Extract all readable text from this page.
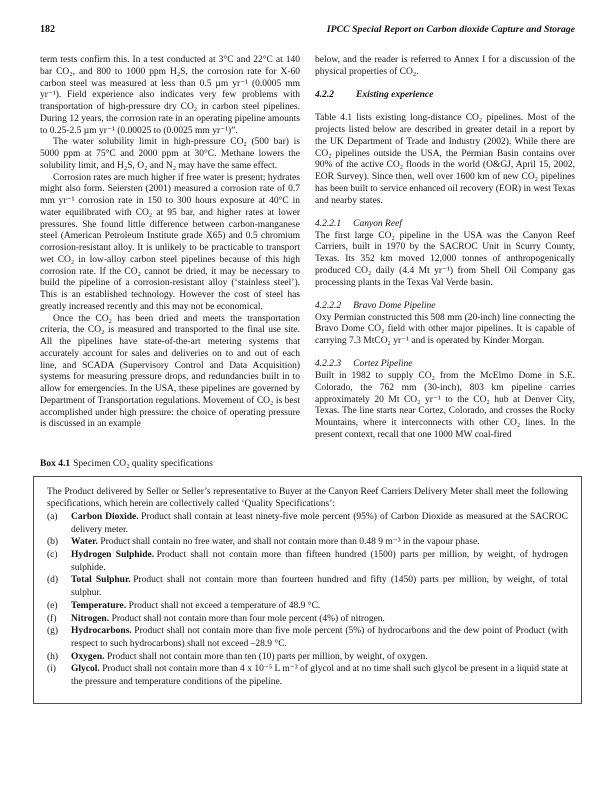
182	IPCC Special Report on Carbon dioxide Capture and Storage

term tests confirm this. In a test conducted at 3°C and 22°C at 140 bar CO₂, and 800 to 1000 ppm H₂S, the corrosion rate for X-60 carbon steel was measured at less than 0.5 µm yr⁻¹ (0.0005 mm yr⁻¹). Field experience also indicates very few problems with transportation of high-pressure dry CO₂ in carbon steel pipelines. During 12 years, the corrosion rate in an operating pipeline amounts to 0.25-2.5 µm yr⁻¹ (0.00025 to (0.0025 mm yr⁻¹)”.

The water solubility limit in high-pressure CO₂ (500 bar) is 5000 ppm at 75°C and 2000 ppm at 30°C. Methane lowers the solubility limit, and H₂S, O₂ and N₂ may have the same effect.

Corrosion rates are much higher if free water is present; hydrates might also form. Seiersten (2001) measured a corrosion rate of 0.7 mm yr⁻¹ corrosion rate in 150 to 300 hours exposure at 40°C in water equilibrated with CO₂ at 95 bar, and higher rates at lower pressures. She found little difference between carbon-manganese steel (American Petroleum Institute grade X65) and 0.5 chromium corrosion-resistant alloy. It is unlikely to be practicable to transport wet CO₂ in low-alloy carbon steel pipelines because of this high corrosion rate. If the CO₂ cannot be dried, it may be necessary to build the pipeline of a corrosion-resistant alloy (‘stainless steel’). This is an established technology. However the cost of steel has greatly increased recently and this may not be economical.

Once the CO₂ has been dried and meets the transportation criteria, the CO₂ is measured and transported to the final use site. All the pipelines have state-of-the-art metering systems that accurately account for sales and deliveries on to and out of each line, and SCADA (Supervisory Control and Data Acquisition) systems for measuring pressure drops, and redundancies built in to allow for emergencies. In the USA, these pipelines are governed by Department of Transportation regulations. Movement of CO₂ is best accomplished under high pressure: the choice of operating pressure is discussed in an example

below, and the reader is referred to Annex I for a discussion of the physical properties of CO₂.

4.2.2 Existing experience

Table 4.1 lists existing long-distance CO₂ pipelines. Most of the projects listed below are described in greater detail in a report by the UK Department of Trade and Industry (2002). While there are CO₂ pipelines outside the USA, the Permian Basin contains over 90% of the active CO₂ floods in the world (O&GJ, April 15, 2002, EOR Survey). Since then, well over 1600 km of new CO₂ pipelines has been built to service enhanced oil recovery (EOR) in west Texas and nearby states.

4.2.2.1 Canyon Reef

The first large CO₂ pipeline in the USA was the Canyon Reef Carriers, built in 1970 by the SACROC Unit in Scurry County, Texas. Its 352 km moved 12,000 tonnes of anthropogenically produced CO₂ daily (4.4 Mt yr⁻¹) from Shell Oil Company gas processing plants in the Texas Val Verde basin.

4.2.2.2 Bravo Dome Pipeline

Oxy Permian constructed this 508 mm (20-inch) line connecting the Bravo Dome CO₂ field with other major pipelines. It is capable of carrying 7.3 MtCO₂ yr⁻¹ and is operated by Kinder Morgan.

4.2.2.3 Cortez Pipeline

Built in 1982 to supply CO₂ from the McElmo Dome in S.E. Colorado, the 762 mm (30-inch), 803 km pipeline carries approximately 20 Mt CO₂ yr⁻¹ to the CO₂ hub at Denver City, Texas. The line starts near Cortez, Colorado, and crosses the Rocky Mountains, where it interconnects with other CO₂ lines. In the present context, recall that one 1000 MW coal-fired

Box 4.1 Specimen CO₂ quality specifications

The Product delivered by Seller or Seller’s representative to Buyer at the Canyon Reef Carriers Delivery Meter shall meet the following specifications, which herein are collectively called ‘Quality Specifications’:

(a)	Carbon Dioxide. Product shall contain at least ninety-five mole percent (95%) of Carbon Dioxide as measured at the SACROC delivery meter.
(b)	Water. Product shall contain no free water, and shall not contain more than 0.48 9 m⁻³ in the vapour phase.
(c)	Hydrogen Sulphide. Product shall not contain more than fifteen hundred (1500) parts per million, by weight, of hydrogen sulphide.
(d)	Total Sulphur. Product shall not contain more than fourteen hundred and fifty (1450) parts per million, by weight, of total sulphur.
(e)	Temperature. Product shall not exceed a temperature of 48.9 °C.
(f)	Nitrogen. Product shall not contain more than four mole percent (4%) of nitrogen.
(g)	Hydrocarbons. Product shall not contain more than five mole percent (5%) of hydrocarbons and the dew point of Product (with respect to such hydrocarbons) shall not exceed –28.9 °C.
(h)	Oxygen. Product shall not contain more than ten (10) parts per million, by weight, of oxygen.
(i)	Glycol. Product shall not contain more than 4 x 10⁻⁵ L m⁻³ of glycol and at no time shall such glycol be present in a liquid state at the pressure and temperature conditions of the pipeline.
